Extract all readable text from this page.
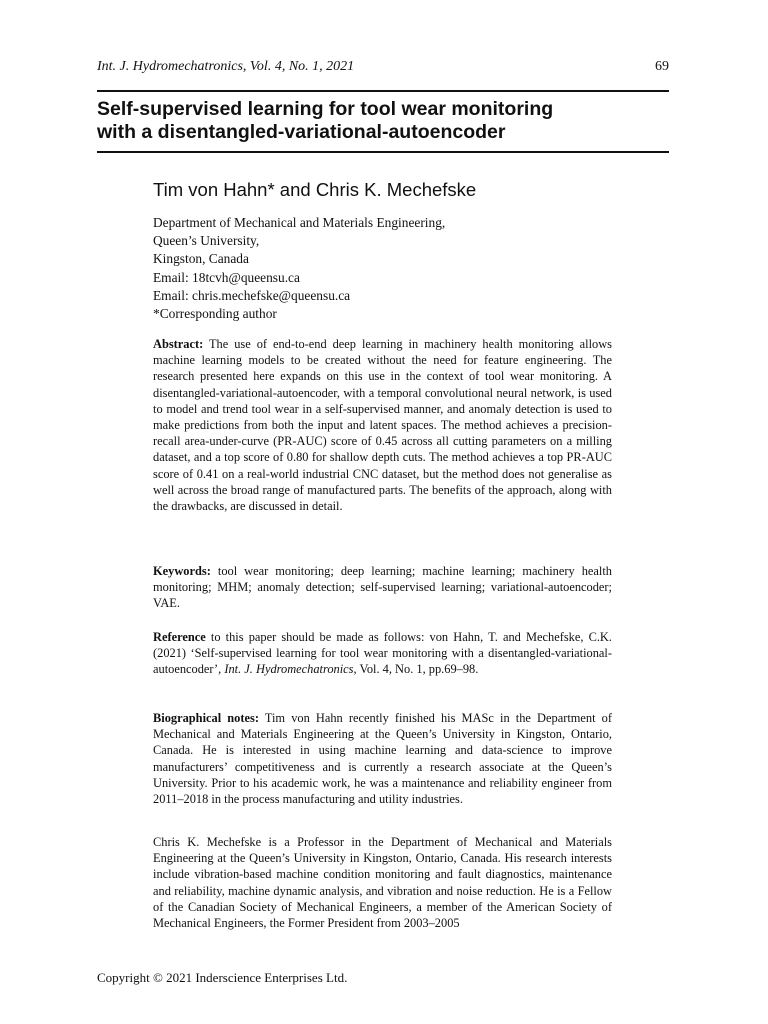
Int. J. Hydromechatronics, Vol. 4, No. 1, 2021	69
Self-supervised learning for tool wear monitoring
with a disentangled-variational-autoencoder
Tim von Hahn* and Chris K. Mechefske
Department of Mechanical and Materials Engineering,
Queen’s University,
Kingston, Canada
Email: 18tcvh@queensu.ca
Email: chris.mechefske@queensu.ca
*Corresponding author

Abstract: The use of end-to-end deep learning in machinery health monitoring allows machine learning models to be created without the need for feature engineering. The research presented here expands on this use in the context of tool wear monitoring. A disentangled-variational-autoencoder, with a temporal convolutional neural network, is used to model and trend tool wear in a self-supervised manner, and anomaly detection is used to make predictions from both the input and latent spaces. The method achieves a precision-recall area-under-curve (PR-AUC) score of 0.45 across all cutting parameters on a milling dataset, and a top score of 0.80 for shallow depth cuts. The method achieves a top PR-AUC score of 0.41 on a real-world industrial CNC dataset, but the method does not generalise as well across the broad range of manufactured parts. The benefits of the approach, along with the drawbacks, are discussed in detail.

Keywords: tool wear monitoring; deep learning; machine learning; machinery health monitoring; MHM; anomaly detection; self-supervised learning; variational-autoencoder; VAE.

Reference to this paper should be made as follows: von Hahn, T. and Mechefske, C.K. (2021) ‘Self-supervised learning for tool wear monitoring with a disentangled-variational-autoencoder’, Int. J. Hydromechatronics, Vol. 4, No. 1, pp.69–98.

Biographical notes: Tim von Hahn recently finished his MASc in the Department of Mechanical and Materials Engineering at the Queen’s University in Kingston, Ontario, Canada. He is interested in using machine learning and data-science to improve manufacturers’ competitiveness and is currently a research associate at the Queen’s University. Prior to his academic work, he was a maintenance and reliability engineer from 2011–2018 in the process manufacturing and utility industries.

Chris K. Mechefske is a Professor in the Department of Mechanical and Materials Engineering at the Queen’s University in Kingston, Ontario, Canada. His research interests include vibration-based machine condition monitoring and fault diagnostics, maintenance and reliability, machine dynamic analysis, and vibration and noise reduction. He is a Fellow of the Canadian Society of Mechanical Engineers, a member of the American Society of Mechanical Engineers, the Former President from 2003–2005

Copyright © 2021 Inderscience Enterprises Ltd.
